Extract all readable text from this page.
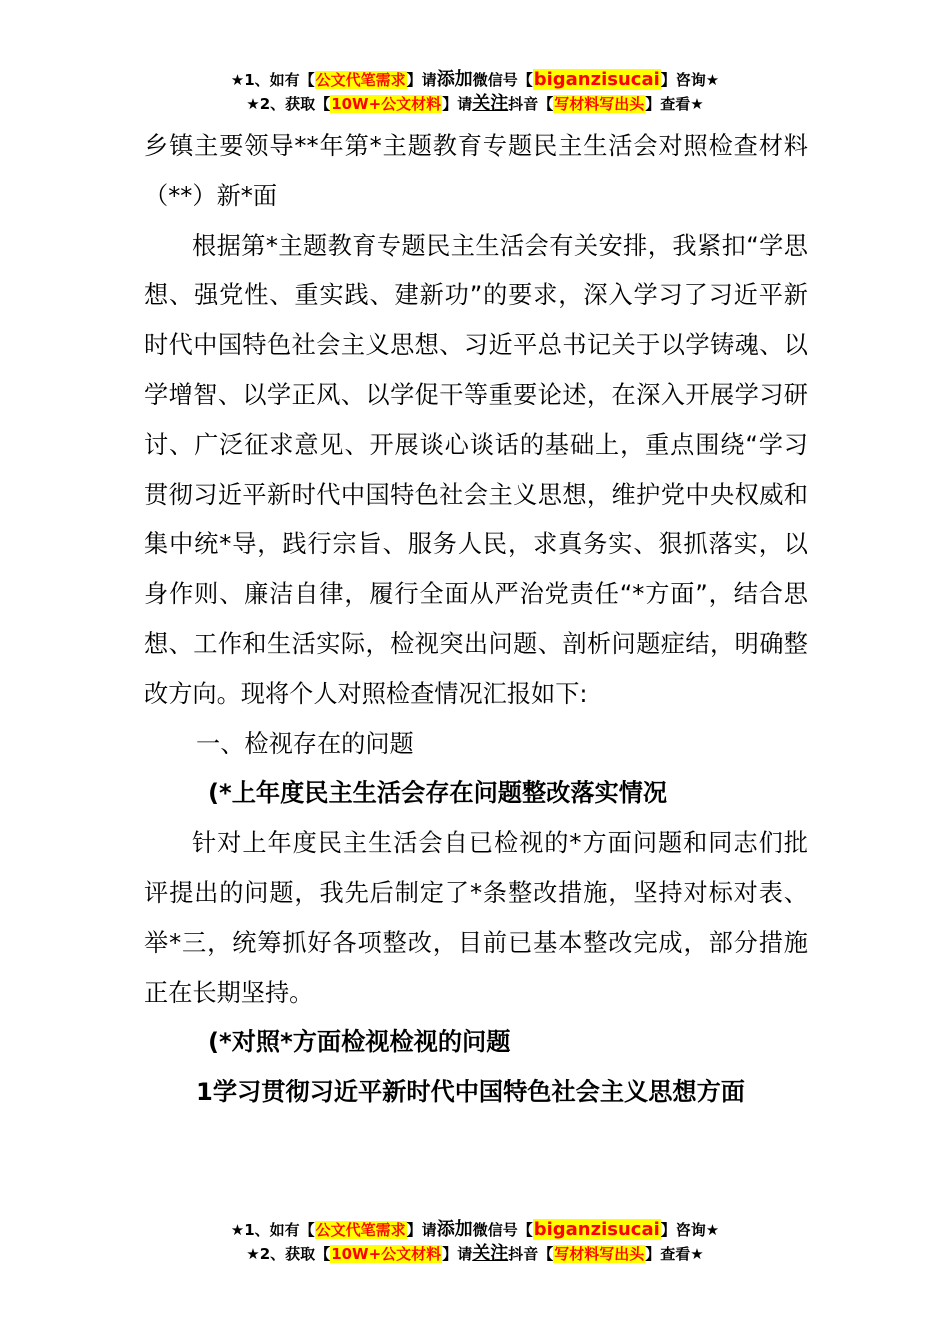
★1、如有【公文代笔需求】请添加微信号【biganzisucai】咨询★
★2、获取【10W+公文材料】请关注抖音【写材料写出头】查看★

乡镇主要领导**年第*主题教育专题民主生活会对照检查材料（**）新*面

根据第*主题教育专题民主生活会有关安排，我紧扣“学思想、强党性、重实践、建新功”的要求，深入学习了习近平新时代中国特色社会主义思想、习近平总书记关于以学铸魂、以学增智、以学正风、以学促干等重要论述，在深入开展学习研讨、广泛征求意见、开展谈心谈话的基础上，重点围绕“学习贯彻习近平新时代中国特色社会主义思想，维护党中央权威和集中统*导，践行宗旨、服务人民，求真务实、狠抓落实，以身作则、廉洁自律，履行全面从严治党责任“*方面”，结合思想、工作和生活实际，检视突出问题、剖析问题症结，明确整改方向。现将个人对照检查情况汇报如下:

一、检视存在的问题

(*上年度民主生活会存在问题整改落实情况

针对上年度民主生活会自已检视的*方面问题和同志们批评提出的问题，我先后制定了*条整改措施，坚持对标对表、举*三，统筹抓好各项整改，目前已基本整改完成，部分措施正在长期坚持。

(*对照*方面检视检视的问题

1学习贯彻习近平新时代中国特色社会主义思想方面

★1、如有【公文代笔需求】请添加微信号【biganzisucai】咨询★
★2、获取【10W+公文材料】请关注抖音【写材料写出头】查看★
